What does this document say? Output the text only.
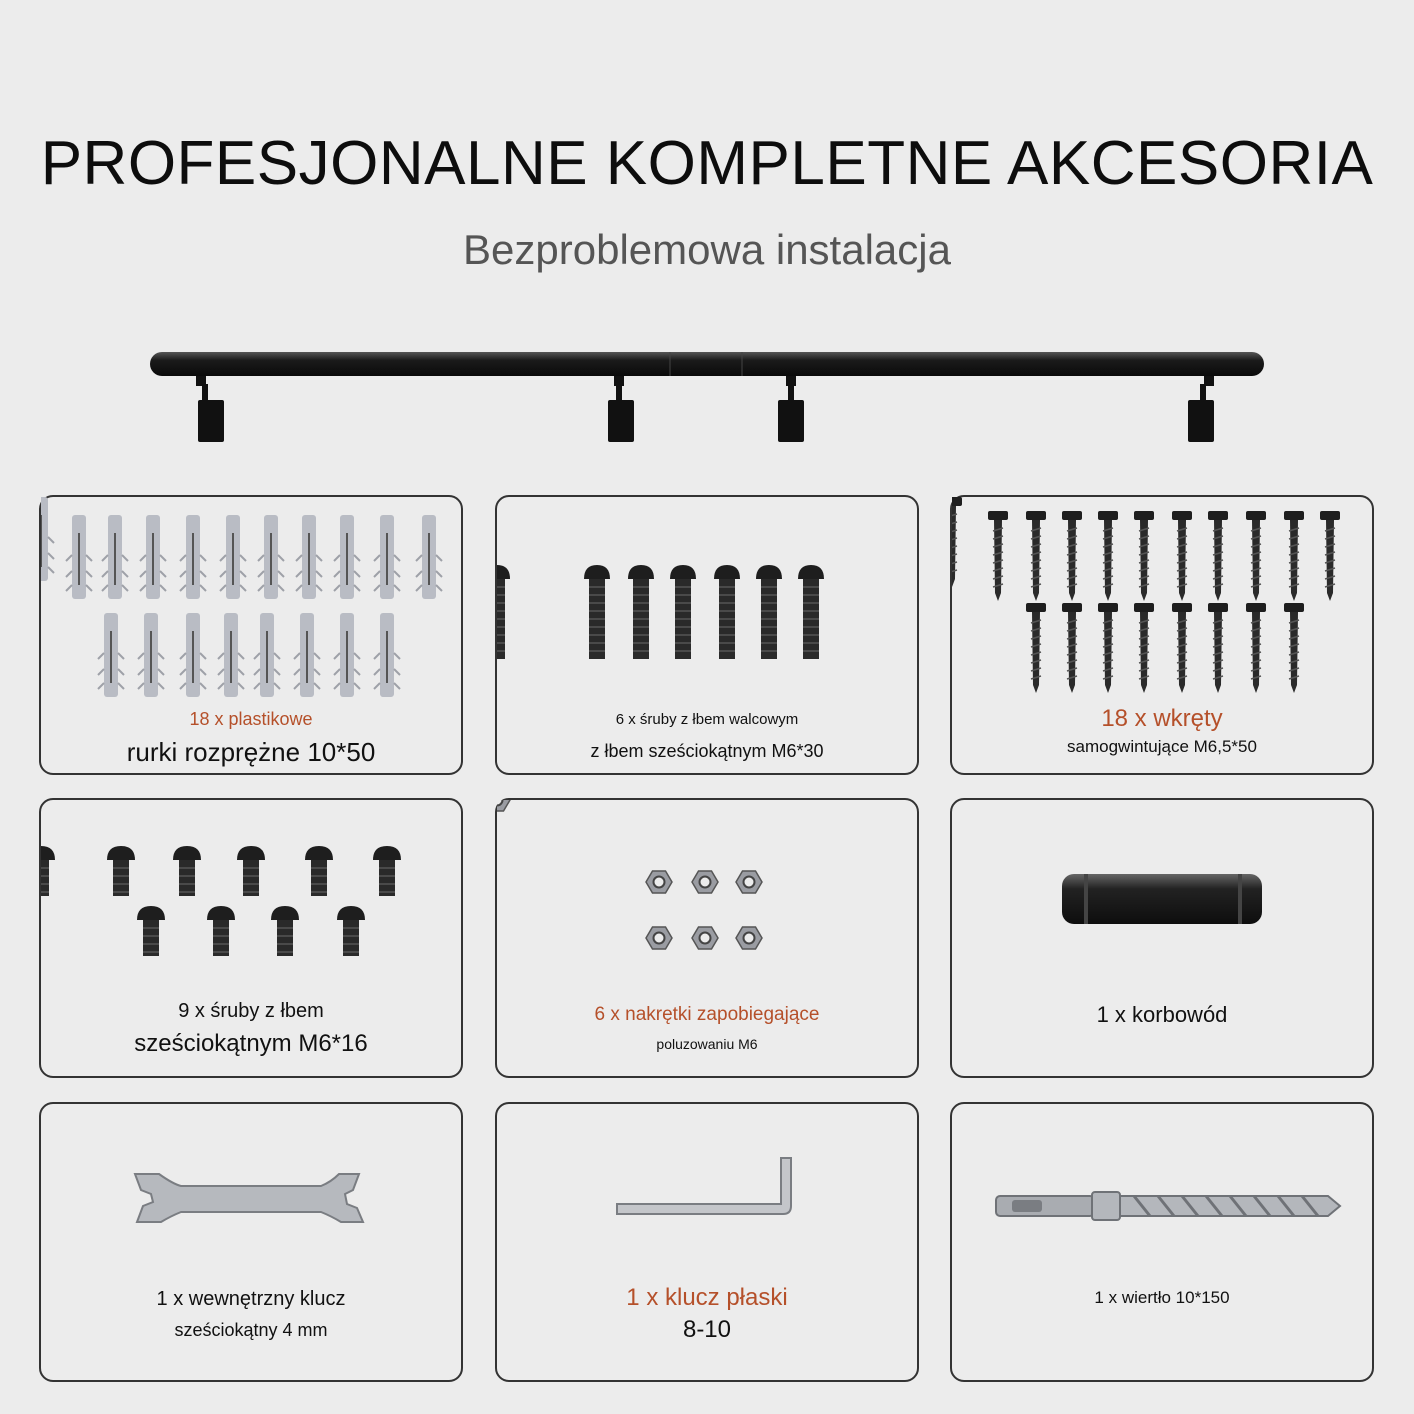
PROFESJONALNE KOMPLETNE AKCESORIA
Bezproblemowa instalacja
18 x plastikowe
rurki rozprężne 10*50
6 x śruby z łbem walcowym
z łbem sześciokątnym M6*30
18 x wkręty
samogwintujące M6,5*50
9 x śruby z łbem
sześciokątnym M6*16
6 x nakrętki zapobiegające
poluzowaniu M6
1 x korbowód
1 x wewnętrzny klucz
sześciokątny 4 mm
1 x klucz płaski
8-10
1 x wiertło 10*150
